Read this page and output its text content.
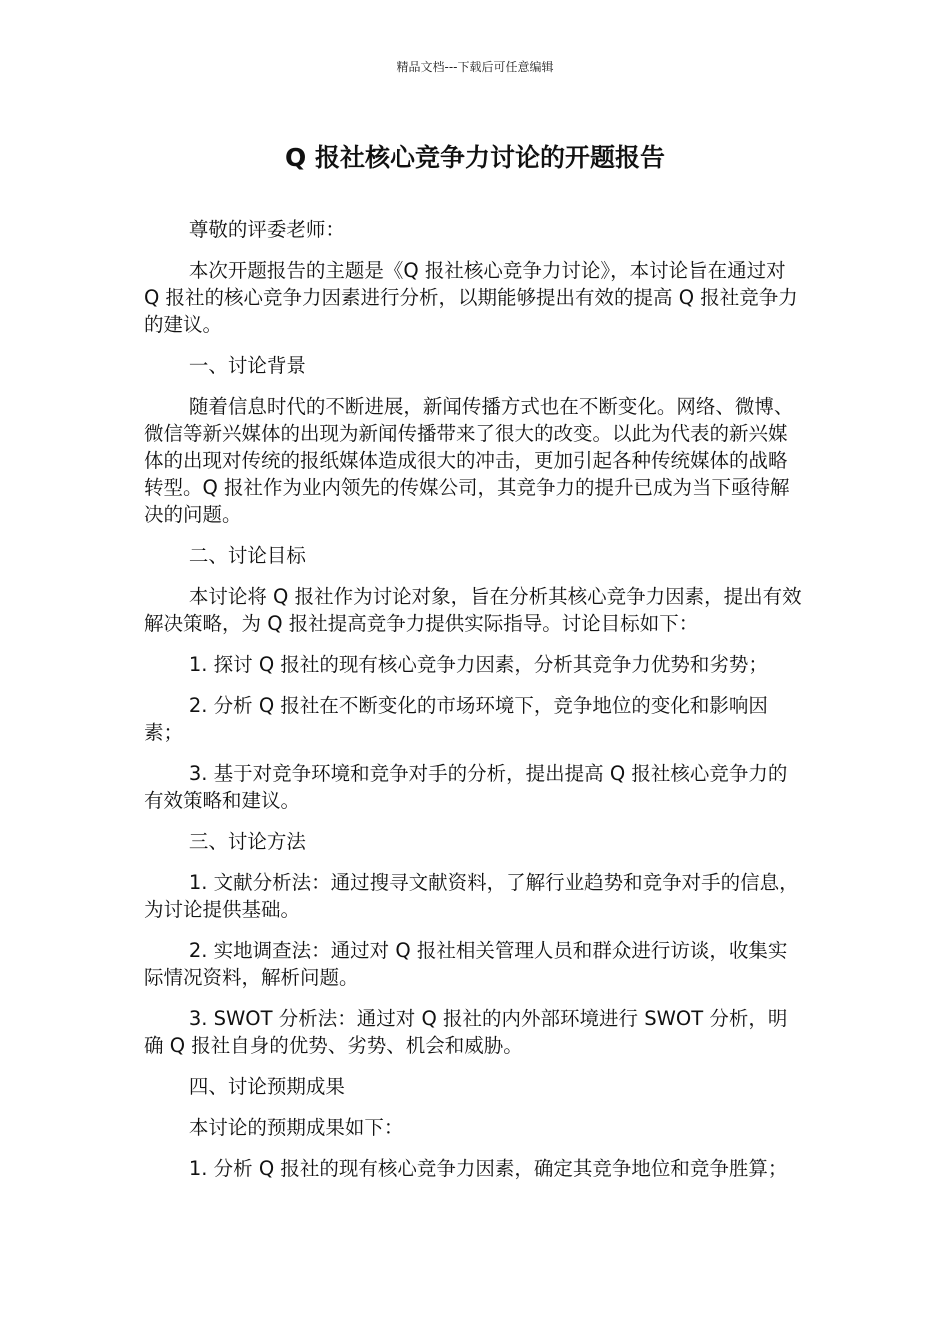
精品文档---下载后可任意编辑
Q 报社核心竞争力讨论的开题报告

尊敬的评委老师：

本次开题报告的主题是《Q 报社核心竞争力讨论》，本讨论旨在通过对 Q 报社的核心竞争力因素进行分析，以期能够提出有效的提高 Q 报社竞争力的建议。

一、讨论背景

随着信息时代的不断进展，新闻传播方式也在不断变化。网络、微博、微信等新兴媒体的出现为新闻传播带来了很大的改变。以此为代表的新兴媒体的出现对传统的报纸媒体造成很大的冲击，更加引起各种传统媒体的战略转型。Q 报社作为业内领先的传媒公司，其竞争力的提升已成为当下亟待解决的问题。

二、讨论目标

本讨论将 Q 报社作为讨论对象，旨在分析其核心竞争力因素，提出有效解决策略，为 Q 报社提高竞争力提供实际指导。讨论目标如下：

1. 探讨 Q 报社的现有核心竞争力因素，分析其竞争力优势和劣势；

2. 分析 Q 报社在不断变化的市场环境下，竞争地位的变化和影响因素；

3. 基于对竞争环境和竞争对手的分析，提出提高 Q 报社核心竞争力的有效策略和建议。

三、讨论方法

1. 文献分析法：通过搜寻文献资料，了解行业趋势和竞争对手的信息，为讨论提供基础。

2. 实地调查法：通过对 Q 报社相关管理人员和群众进行访谈，收集实际情况资料，解析问题。

3. SWOT 分析法：通过对 Q 报社的内外部环境进行 SWOT 分析，明确 Q 报社自身的优势、劣势、机会和威胁。

四、讨论预期成果

本讨论的预期成果如下：

1. 分析 Q 报社的现有核心竞争力因素，确定其竞争地位和竞争胜算；
